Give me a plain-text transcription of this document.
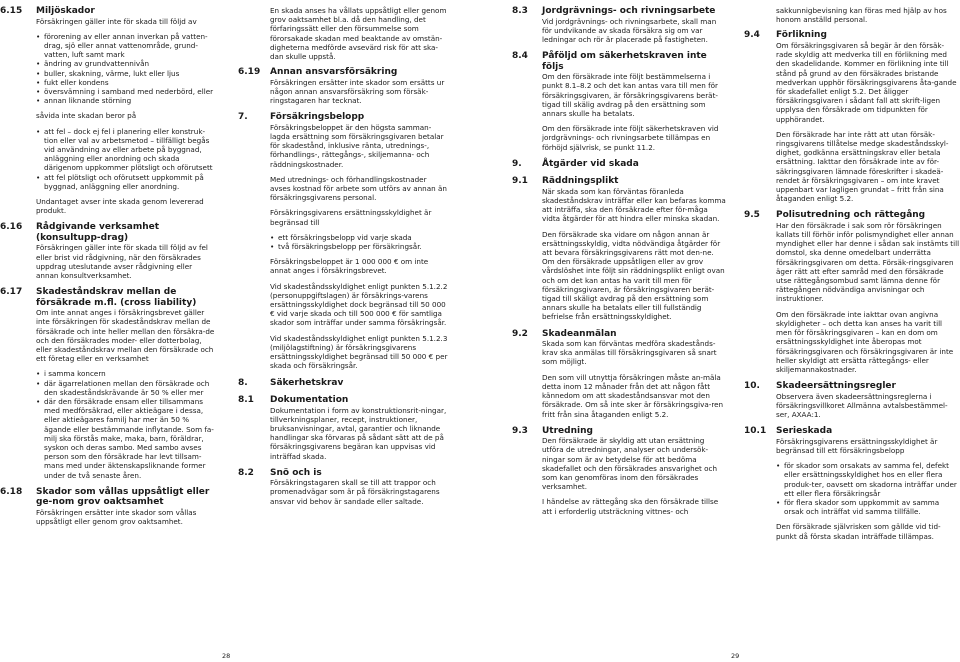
6.15	Miljöskador

Försäkringen gäller inte för skada till följd av

• förorening av eller annan inverkan på vatten-drag, sjö eller annat vattenområde, grund-vatten, luft samt mark
• ändring av grundvattennivån
• buller, skakning, värme, lukt eller ljus
• fukt eller kondens
• översvämning i samband med nederbörd, eller
• annan liknande störning

såvida inte skadan beror på

• att fel – dock ej fel i planering eller konstruk-tion eller val av arbetsmetod – tillfälligt begås vid användning av eller arbete på byggnad, anläggning eller anordning och skada därigenom uppkommer plötsligt och oförutsett
• att fel plötsligt och oförutsett uppkommit på byggnad, anläggning eller anordning.

Undantaget avser inte skada genom levererad produkt.

6.16	Rådgivande verksamhet (konsultupp-drag)

Försäkringen gäller inte för skada till följd av fel eller brist vid rådgivning, när den försäkrades uppdrag uteslutande avser rådgivning eller annan konsultverksamhet.

6.17	Skadeståndskrav mellan de försäkrade m.fl. (cross liability)

Om inte annat anges i försäkringsbrevet gäller inte försäkringen för skadeståndskrav mellan de försäkrade och inte heller mellan den försäkra-de och den försäkrades moder- eller dotterbolag, eller skadeståndskrav mellan den försäkrade och ett företag eller en verksamhet

• i samma koncern
• där ägarrelationen mellan den försäkrade och den skadeståndskrävande är 50 % eller mer
• där den försäkrade ensam eller tillsammans med medförsäkrad, eller aktieägare i dessa, eller aktieägares familj har mer än 50 % ägande eller bestämmande inflytande. Som fa-milj ska förstås make, maka, barn, föräldrar, syskon och deras sambo. Med sambo avses person som den försäkrade har levt tillsam-mans med under äktenskapsliknande former under de två senaste åren.
6.18	Skador som vållas uppsåtligt eller ge-nom grov oaktsamhet

Försäkringen ersätter inte skador som vållas uppsåtligt eller genom grov oaktsamhet.

En skada anses ha vållats uppsåtligt eller genom grov oaktsamhet bl.a. då den handling, det förfaringssätt eller den försummelse som förorsakade skadan med beaktande av omstän-digheterna medförde avsevärd risk för att ska-dan skulle uppstå.

6.19	Annan ansvarsförsäkring

Försäkringen ersätter inte skador som ersätts ur någon annan ansvarsförsäkring som försäk-ringstagaren har tecknat.

7.	Försäkringsbelopp

Försäkringsbeloppet är den högsta samman-lagda ersättning som försäkringsgivaren betalar för skadestånd, inklusive ränta, utrednings-, förhandlings-, rättegångs-, skiljemanna- och räddningskostnader.

Med utrednings- och förhandlingskostnader avses kostnad för arbete som utförs av annan än försäkringsgivarens personal.

Försäkringsgivarens ersättningsskyldighet är begränsad till

• ett försäkringsbelopp vid varje skada
• två försäkringsbelopp per försäkringsår.

Försäkringsbeloppet är 1 000 000 € om inte annat anges i försäkringsbrevet.

Vid skadeståndsskyldighet enligt punkten 5.1.2.2 (personuppgiftslagen) är försäkrings-varens ersättningsskyldighet dock begränsad till 50 000 € vid varje skada och till 500 000 € för samtliga skador som inträffar under samma försäkringsår.

Vid skadeståndsskyldighet enligt punkten 5.1.2.3 (miljölagstiftning) är försäkringsgivarens ersättningsskyldighet begränsad till 50 000 € per skada och försäkringsår.

8.	Säkerhetskrav
8.1	Dokumentation

Dokumentation i form av konstruktionsrit-ningar, tillverkningsplaner, recept, instruktioner, bruksanvisningar, avtal, garantier och liknande handlingar ska förvaras på sådant sätt att de på försäkringsgivarens begäran kan uppvisas vid inträffad skada.

8.2	Snö och is

Försäkringstagaren skall se till att trappor och promenadvägar som är på försäkringstagarens ansvar vid behov är sandade eller saltade.

8.3	Jordgrävnings- och rivningsarbete

Vid jordgrävnings- och rivningsarbete, skall man för undvikande av skada försäkra sig om var ledningar och rör är placerade på fastigheten.

8.4	Påföljd om säkerhetskraven inte följs

Om den försäkrade inte följt bestämmelserna i punkt 8.1–8.2 och det kan antas vara till men för försäkringsgivaren, är försäkringsgivarens berät-tigad till skälig avdrag på den ersättning som annars skulle ha betalats.

Om den försäkrade inte följt säkerhetskraven vid jordgrävnings- och rivningsarbete tillämpas en förhöjd självrisk, se punkt 11.2.

9.	Åtgärder vid skada
9.1	Räddningsplikt

När skada som kan förväntas föranleda skadeståndskrav inträffar eller kan befaras komma att inträffa, ska den försäkrade efter för-måga vidta åtgärder för att hindra eller minska skadan.

Den försäkrade ska vidare om någon annan är ersättningsskyldig, vidta nödvändiga åtgärder för att bevara försäkringsgivarens rätt mot den-ne. Om den försäkrade uppsåtligen eller av grov vårdslöshet inte följt sin räddningsplikt enligt ovan och om det kan antas ha varit till men för försäkringsgivaren, är försäkringsgivaren berät-tigad till skäligt avdrag på den ersättning som annars skulle ha betalats eller till fullständig befrielse från ersättningsskyldighet.

9.2	Skadeanmälan

Skada som kan förväntas medföra skadestånds-krav ska anmälas till försäkringsgivaren så snart som möjligt.

Den som vill utnyttja försäkringen måste an-mäla detta inom 12 månader från det att någon fått kännedom om att skadeståndsansvar mot den försäkrade. Om så inte sker är försäkringsgiva-ren fritt från sina åtaganden enligt 5.2.

9.3	Utredning

Den försäkrade är skyldig att utan ersättning utföra de utredningar, analyser och undersök-ningar som är av betydelse för att bedöma skadefallet och den försäkrades ansvarighet och som kan genomföras inom den försäkrades verksamhet.

I händelse av rättegång ska den försäkrade tillse att i erforderlig utsträckning vittnes- och

sakkunnigbevisning kan föras med hjälp av hos honom anställd personal.

9.4	Förlikning

Om försäkringsgivaren så begär är den försäk-rade skyldig att medverka till en förlikning med den skadelidande. Kommer en förlikning inte till stånd på grund av den försäkrades bristande medverkan upphör försäkringsgivarens åta-gande för skadefallet enligt 5.2. Det åligger försäkringsgivaren i sådant fall att skrift-ligen upplysa den försäkrade om tidpunkten för upphörandet.

Den försäkrade har inte rätt att utan försäk-ringsgivarens tillåtelse medge skadeståndsskyl-dighet, godkänna ersättningskrav eller betala ersättning. Iakttar den försäkrade inte av för-säkringsgivaren lämnade föreskrifter i skadeä-rendet är försäkringsgivaren – om inte kravet uppenbart var lagligen grundat – fritt från sina åtaganden enligt 5.2.

9.5	Polisutredning och rättegång

Har den försäkrade i sak som rör försäkringen kallats till förhör inför polismyndighet eller annan myndighet eller har denne i sådan sak instämts till domstol, ska denne omedelbart underrätta försäkringsgivaren om detta. Försäk-ringsgivaren äger rätt att efter samråd med den försäkrade utse rättegångsombud samt lämna denne för rättegången nödvändiga anvisningar och instruktioner.

Om den försäkrade inte iakttar ovan angivna skyldigheter – och detta kan anses ha varit till men för försäkringsgivaren – kan en dom om ersättningsskyldighet inte åberopas mot försäkringsgivaren och försäkringsgivaren är inte heller skyldigt att ersätta rättegångs- eller skiljemannakostnader.

10.	Skadeersättningsregler

Observera även skadeersättningsreglerna i försäkringsvillkoret Allmänna avtalsbestämmel-ser, AXAA:1.

10.1	Serieskada

Försäkringsgivarens ersättningsskyldighet är begränsad till ett försäkringsbelopp

• för skador som orsakats av samma fel, defekt eller ersättningsskyldighet hos en eller flera produk-ter, oavsett om skadorna inträffar under ett eller flera försäkringsår
• för flera skador som uppkommit av samma orsak och inträffat vid samma tillfälle.

Den försäkrade självrisken som gällde vid tid-punkt då första skadan inträffade tillämpas.

28	29
